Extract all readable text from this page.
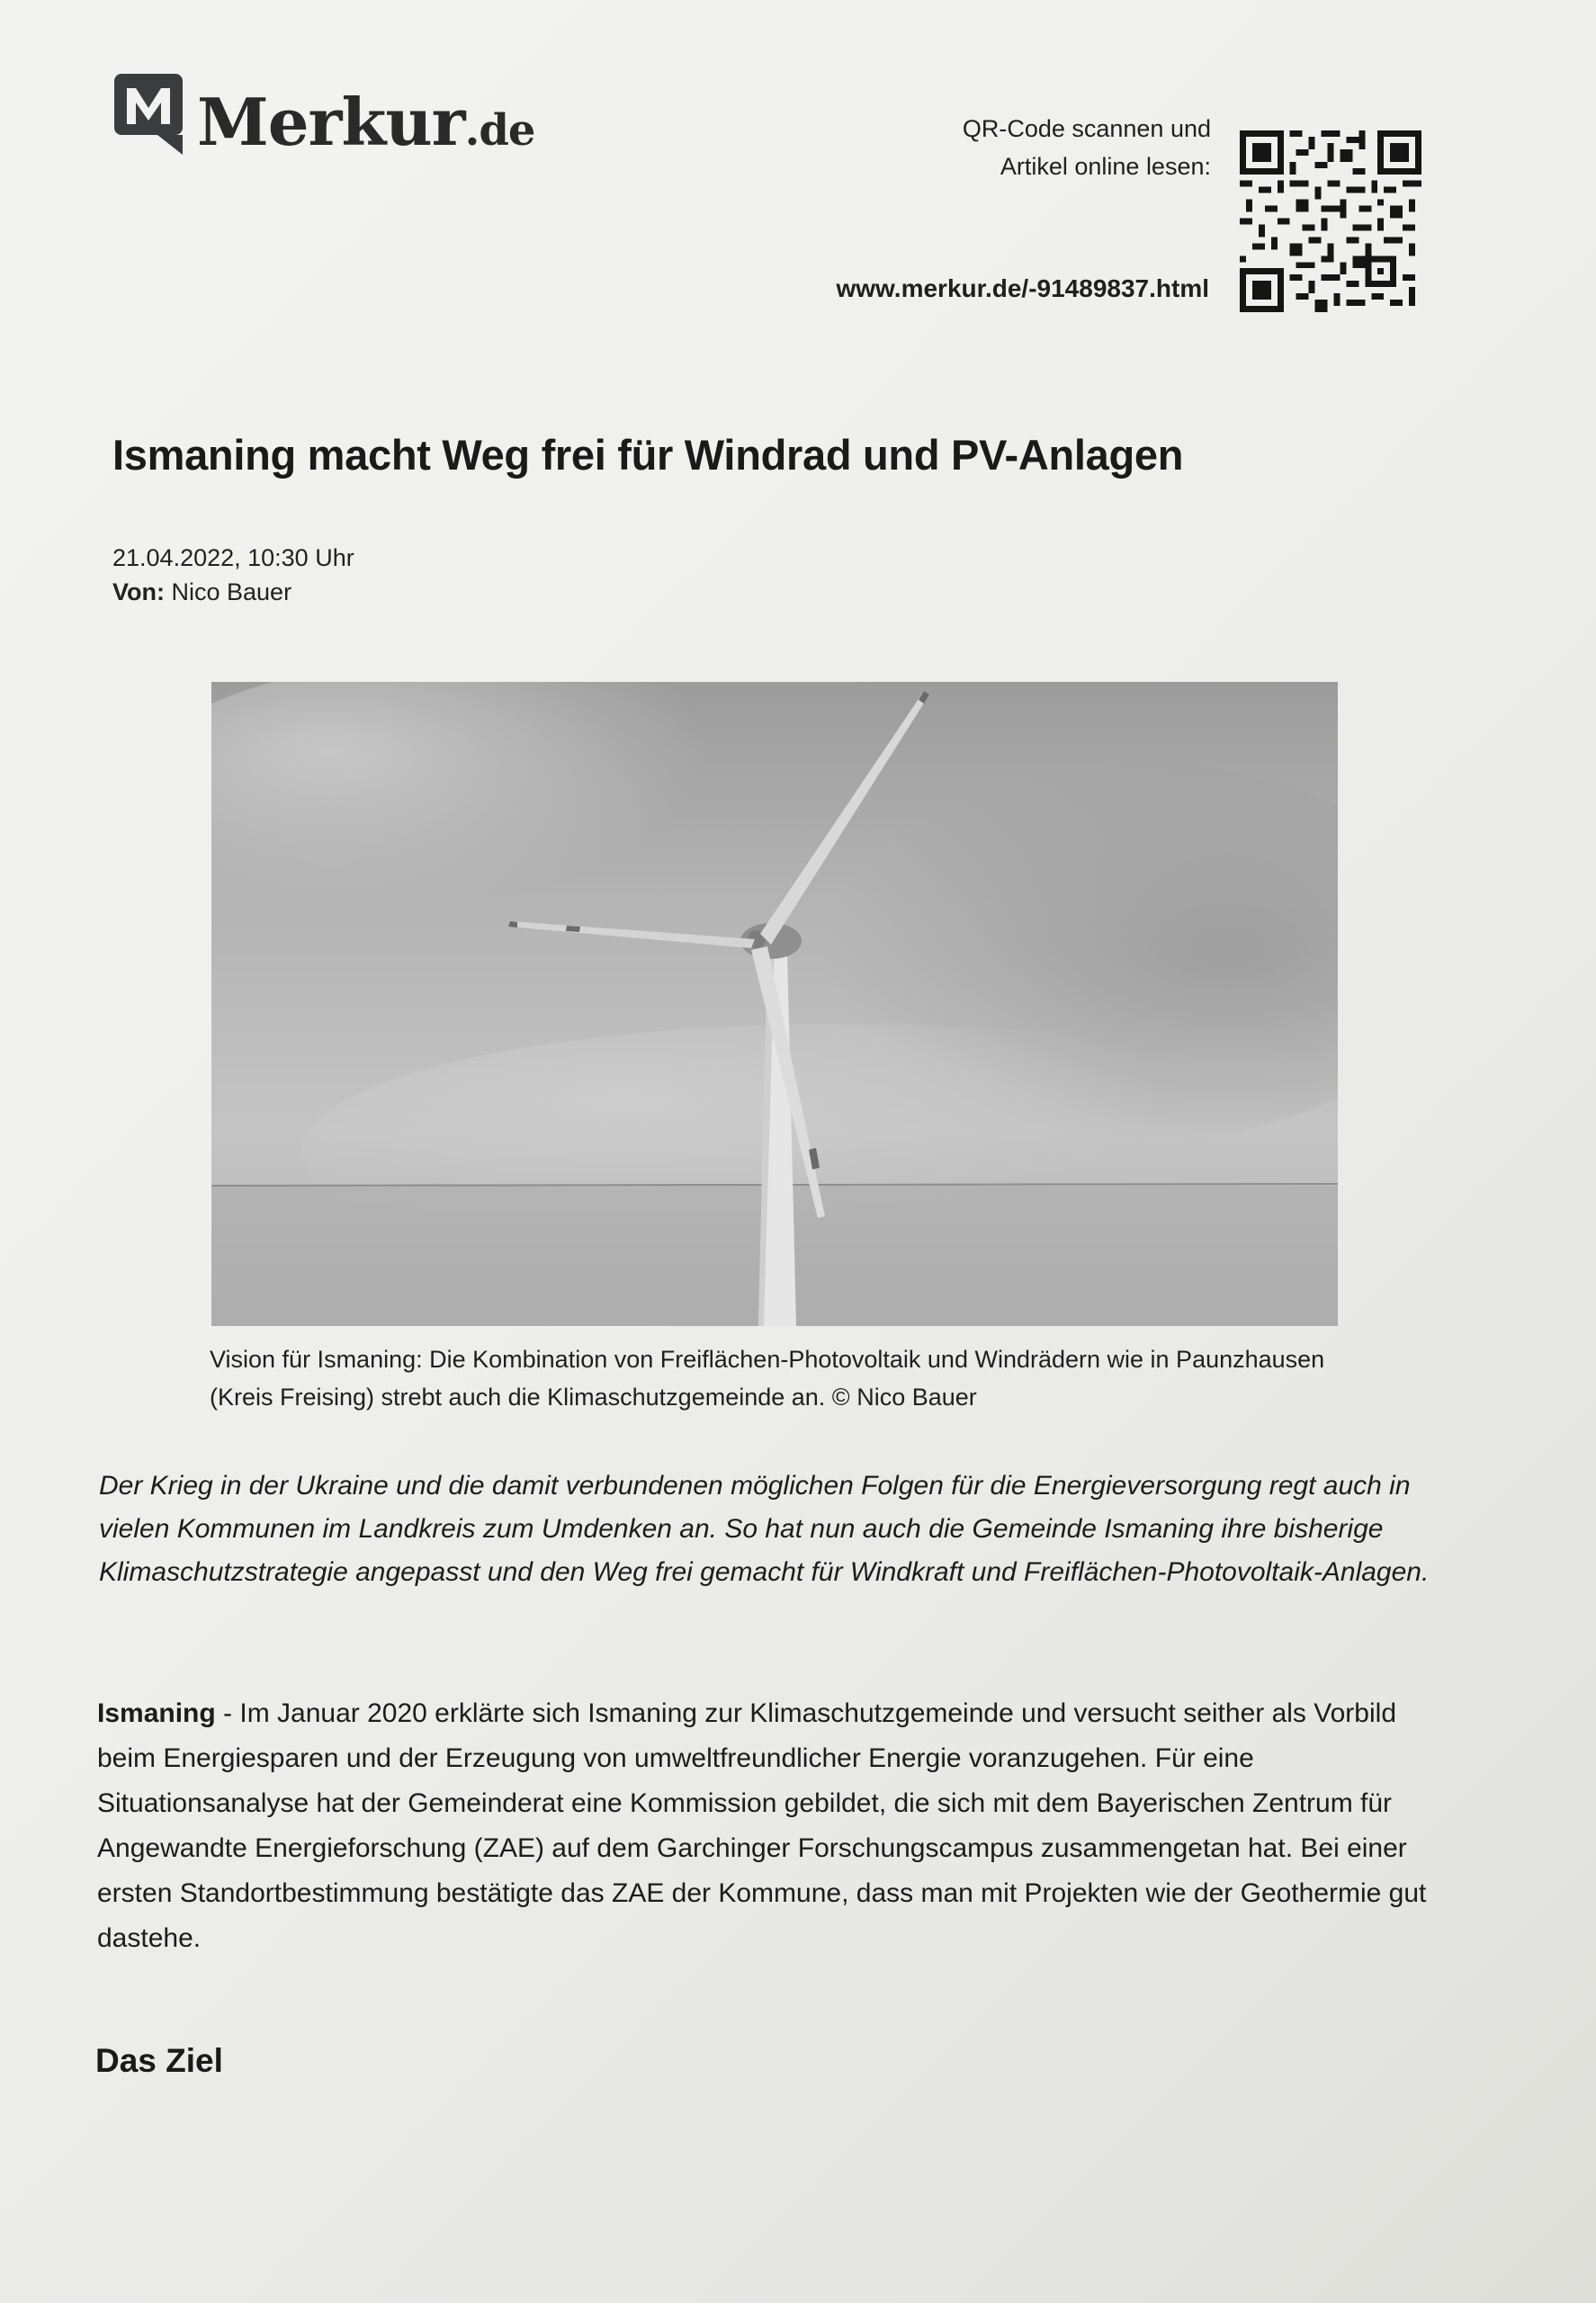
Merkur.de	QR-Code scannen und
Artikel online lesen:
www.merkur.de/-91489837.html
Ismaning macht Weg frei für Windrad und PV-Anlagen
21.04.2022, 10:30 Uhr
Von: Nico Bauer
Vision für Ismaning: Die Kombination von Freiflächen-Photovoltaik und Windrädern wie in Paunzhausen (Kreis Freising) strebt auch die Klimaschutzgemeinde an. © Nico Bauer
Der Krieg in der Ukraine und die damit verbundenen möglichen Folgen für die Energieversorgung regt auch in vielen Kommunen im Landkreis zum Umdenken an. So hat nun auch die Gemeinde Ismaning ihre bisherige Klimaschutzstrategie angepasst und den Weg frei gemacht für Windkraft und Freiflächen-Photovoltaik-Anlagen.
Ismaning - Im Januar 2020 erklärte sich Ismaning zur Klimaschutzgemeinde und versucht seither als Vorbild beim Energiesparen und der Erzeugung von umweltfreundlicher Energie voranzugehen. Für eine Situationsanalyse hat der Gemeinderat eine Kommission gebildet, die sich mit dem Bayerischen Zentrum für Angewandte Energieforschung (ZAE) auf dem Garchinger Forschungscampus zusammengetan hat. Bei einer ersten Standortbestimmung bestätigte das ZAE der Kommune, dass man mit Projekten wie der Geothermie gut dastehe.
Das Ziel
